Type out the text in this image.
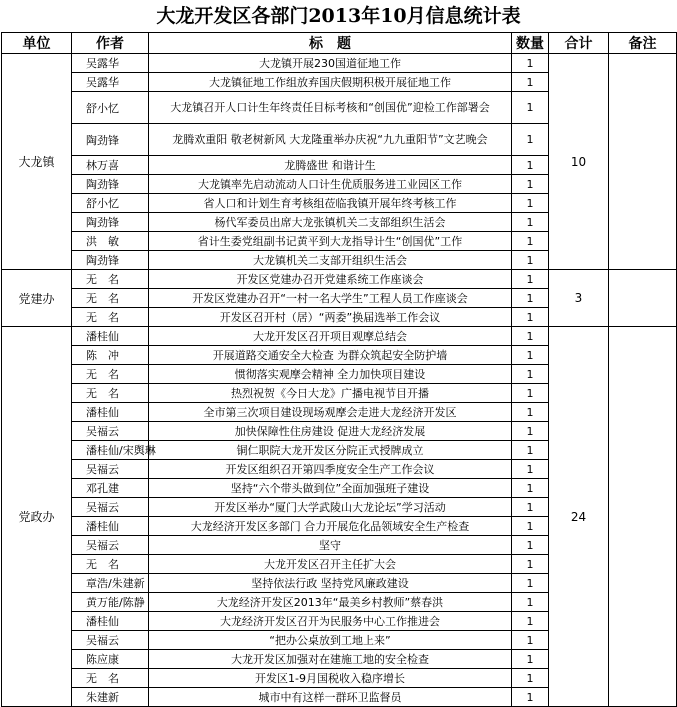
大龙开发区各部门2013年10月信息统计表
单位	作者	标　题	数量	合计	备注
大龙镇	吴露华	大龙镇开展230国道征地工作	1	10	
	吴露华	大龙镇征地工作组放弃国庆假期积极开展征地工作	1		
	舒小忆	大龙镇召开人口计生年终责任目标考核和“创国优”迎检工作部署会	1		
	陶劲锋	龙腾欢重阳 敬老树新风 大龙隆重举办庆祝“九九重阳节”文艺晚会	1		
	林万喜	龙腾盛世 和谐计生	1		
	陶劲锋	大龙镇率先启动流动人口计生优质服务进工业园区工作	1		
	舒小忆	省人口和计划生育考核组莅临我镇开展年终考核工作	1		
	陶劲锋	杨代军委员出席大龙张镇机关二支部组织生活会	1		
	洪　敏	省计生委党组副书记黄平到大龙指导计生“创国优”工作	1		
	陶劲锋	大龙镇机关二支部开组织生活会	1		
党建办	无　名	开发区党建办召开党建系统工作座谈会	1	3	
	无　名	开发区党建办召开“一村一名大学生”工程人员工作座谈会	1		
	无　名	开发区召开村（居）“两委”换届选举工作会议	1		
党政办	潘桂仙	大龙开发区召开项目观摩总结会	1	24	
	陈　冲	开展道路交通安全大检查 为群众筑起安全防护墙	1		
	无　名	惯彻落实观摩会精神 全力加快项目建设	1		
	无　名	热烈祝贺《今日大龙》广播电视节目开播	1		
	潘桂仙	全市第三次项目建设现场观摩会走进大龙经济开发区	1		
	吴福云	加快保障性住房建设 促进大龙经济发展	1		
	潘桂仙/宋舆琳	铜仁职院大龙开发区分院正式授牌成立	1		
	吴福云	开发区组织召开第四季度安全生产工作会议	1		
	邓孔建	坚持“六个带头做到位”全面加强班子建设	1		
	吴福云	开发区举办“厦门大学武陵山大龙论坛”学习活动	1		
	潘桂仙	大龙经济开发区多部门 合力开展危化品领域安全生产检查	1		
	吴福云	坚守	1		
	无　名	大龙开发区召开主任扩大会	1		
	章浩/朱建新	坚持依法行政 坚持党风廉政建设	1		
	黄万能/陈静	大龙经济开发区2013年“最美乡村教师”蔡春洪	1		
	潘桂仙	大龙经济开发区召开为民服务中心工作推进会	1		
	吴福云	“把办公桌放到工地上来”	1		
	陈应康	大龙开发区加强对在建施工地的安全检查	1		
	无　名	开发区1-9月国税收入稳序增长	1		
	朱建新	城市中有这样一群环卫监督员	1		
